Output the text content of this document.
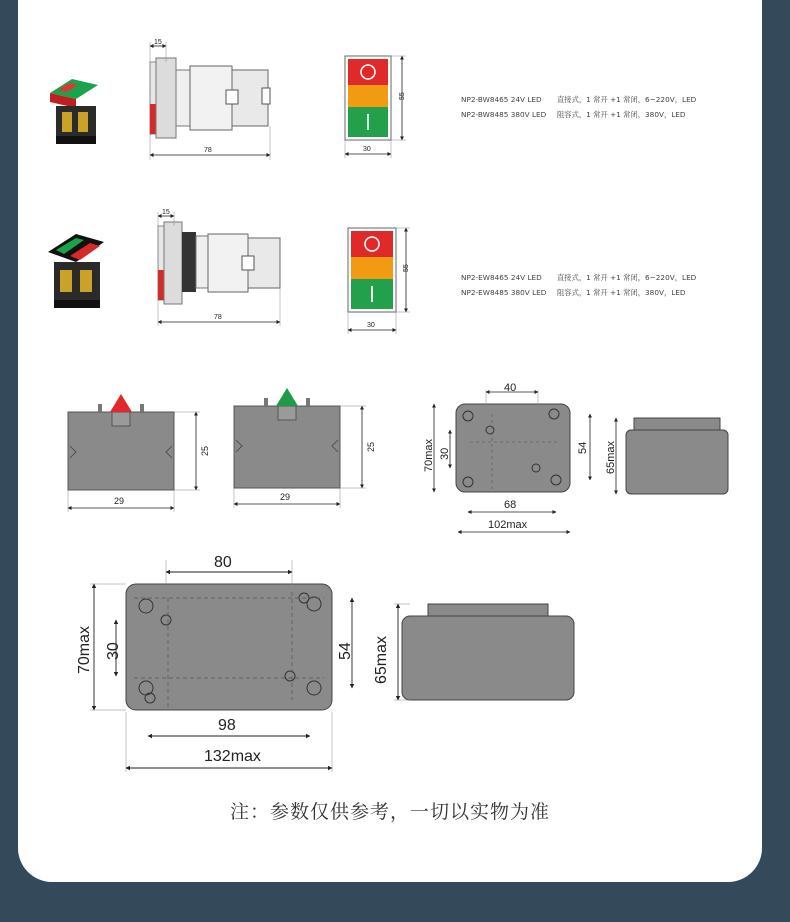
15
78
55
30
15
78
55
30
25
29
25
29
40
70max 30	54
68
102max
65max
80
70max 30	54
98
132max
65max
NP2-BW8465 24V LED 直接式，1 常开 +1 常闭，6~220V，LED
NP2-BW8485 380V LED 阻容式，1 常开 +1 常闭，380V，LED
NP2-EW8465 24V LED 直接式，1 常开 +1 常闭，6~220V，LED
NP2-EW8485 380V LED 阻容式，1 常开 +1 常闭，380V，LED
注：参数仅供参考，一切以实物为准
